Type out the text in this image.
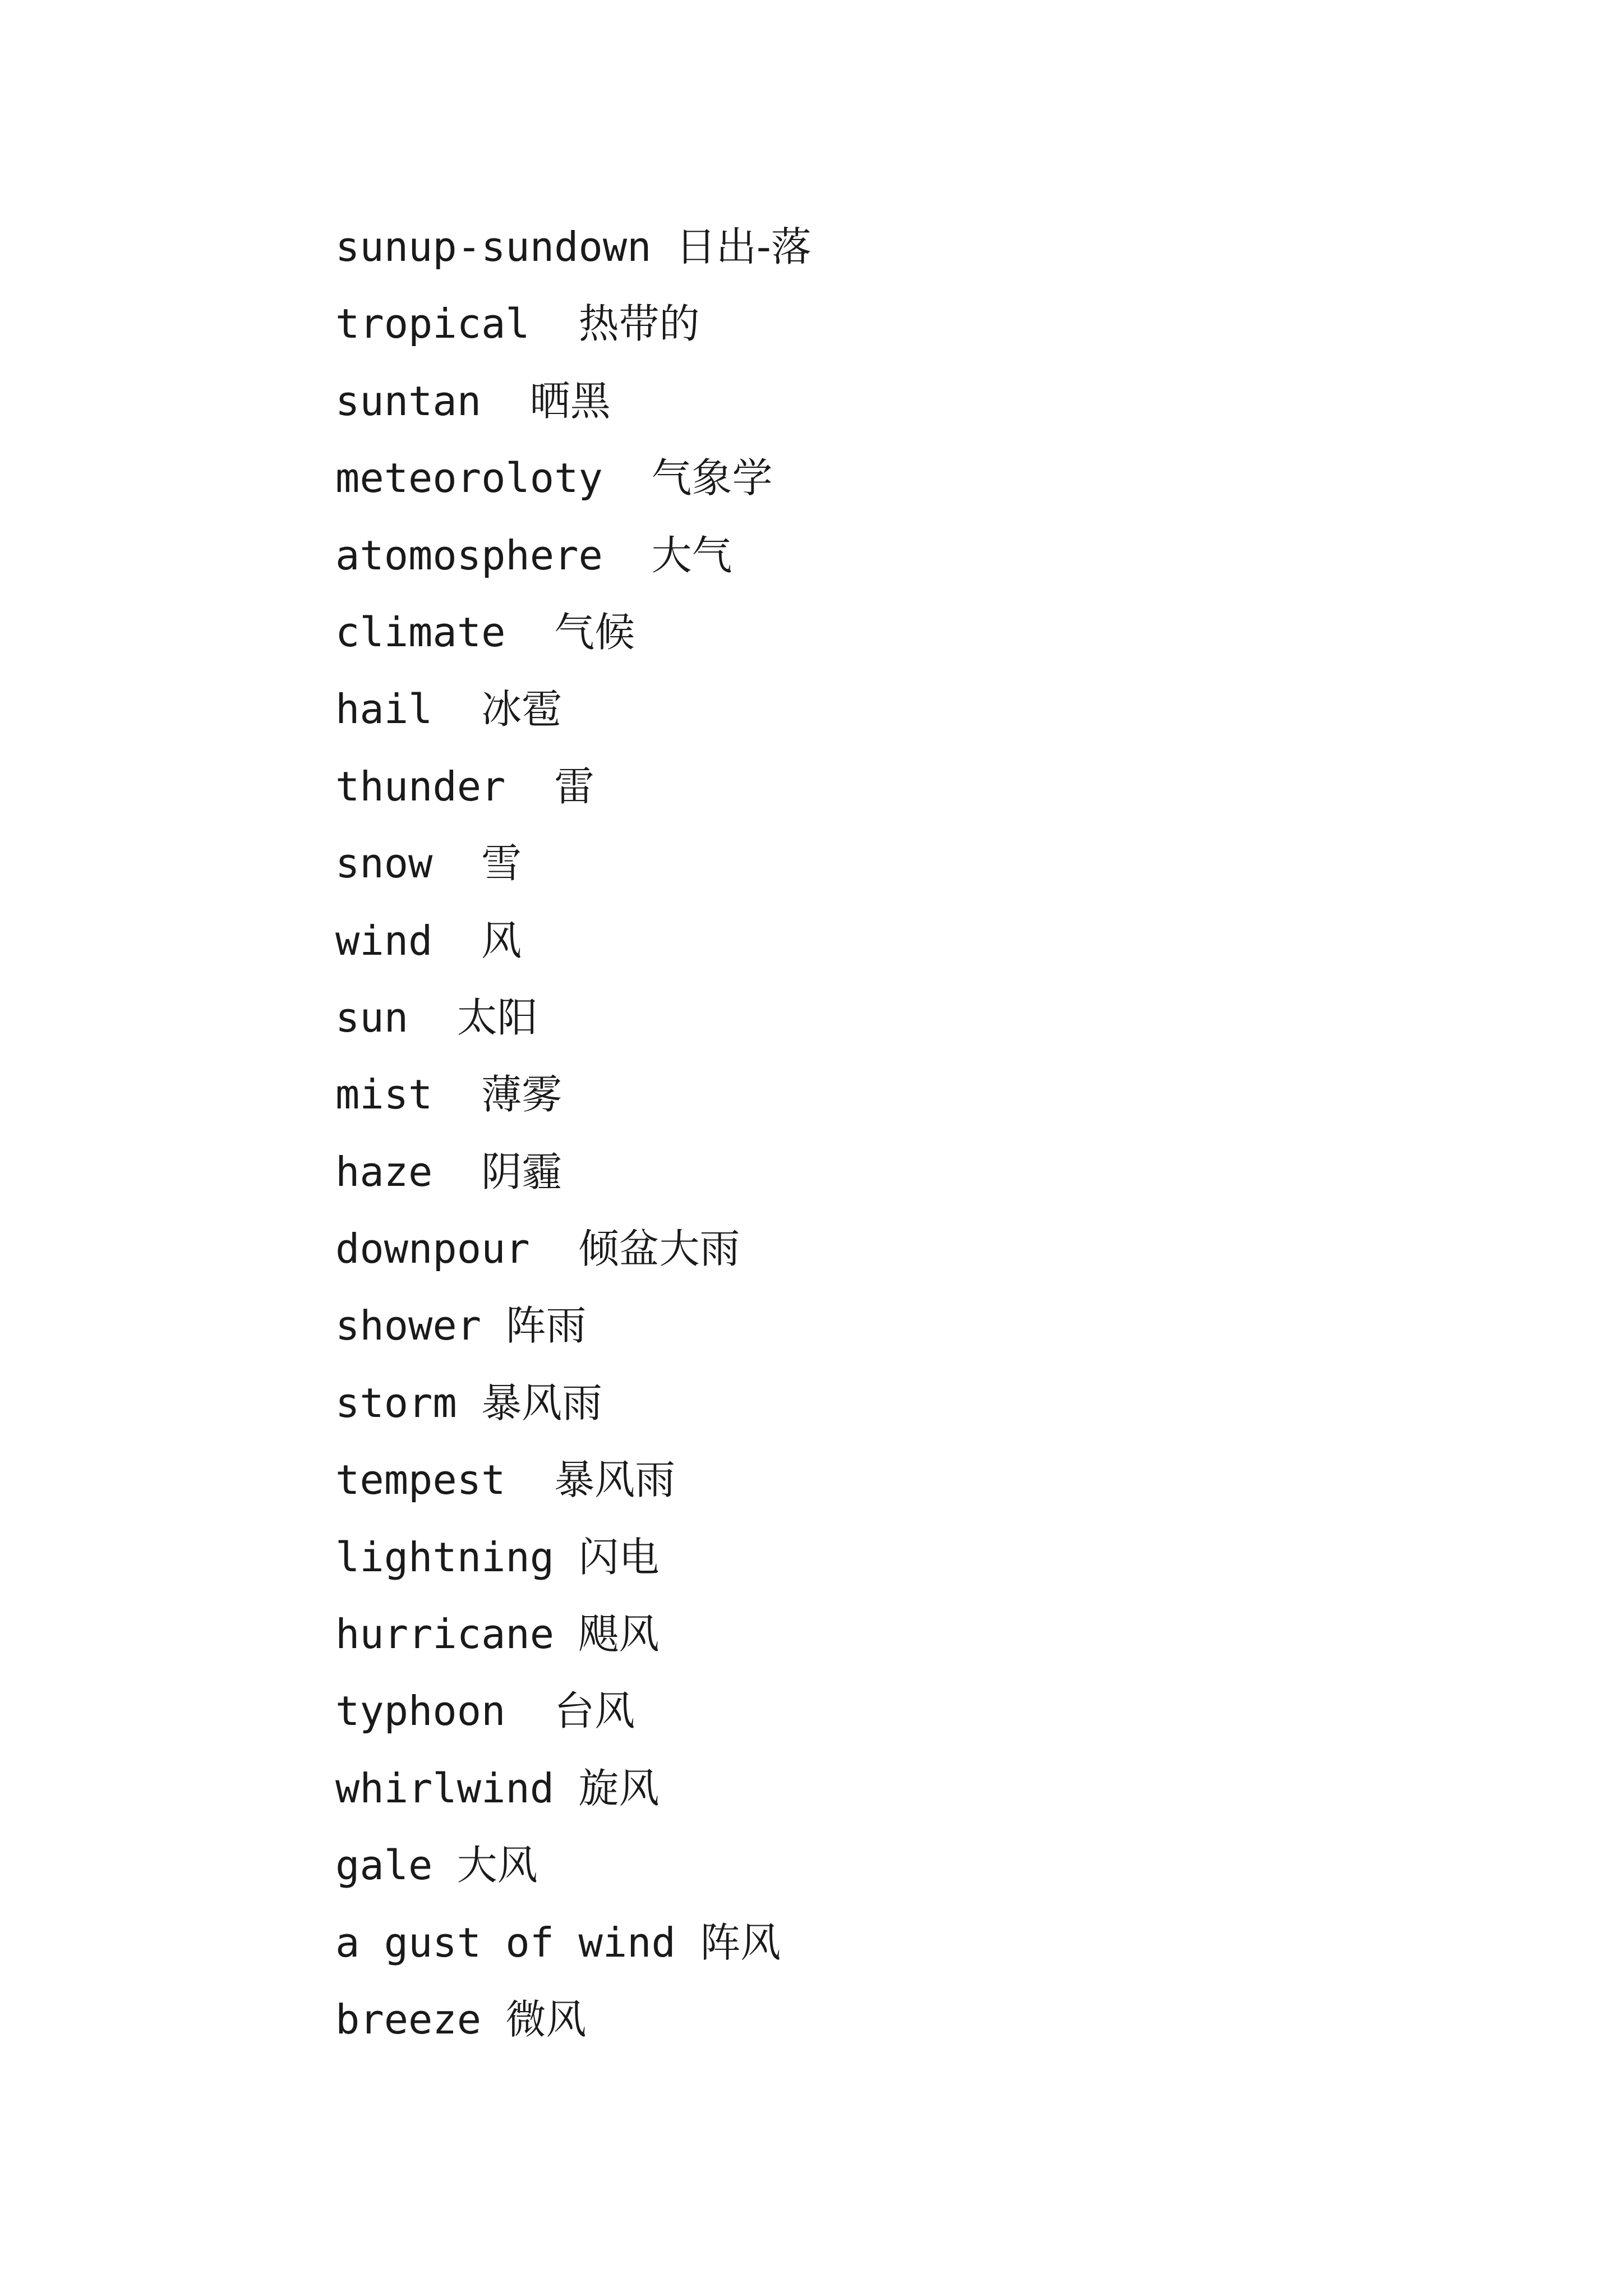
sunup-sundown 日出-落
tropical 热带的
suntan 晒黑
meteoroloty 气象学
atomosphere 大气
climate 气候
hail 冰雹
thunder 雷
snow 雪
wind 风
sun 太阳
mist 薄雾
haze 阴霾
downpour 倾盆大雨
shower 阵雨
storm 暴风雨
tempest 暴风雨
lightning 闪电
hurricane 飓风
typhoon 台风
whirlwind 旋风
gale 大风
a gust of wind 阵风
breeze 微风
